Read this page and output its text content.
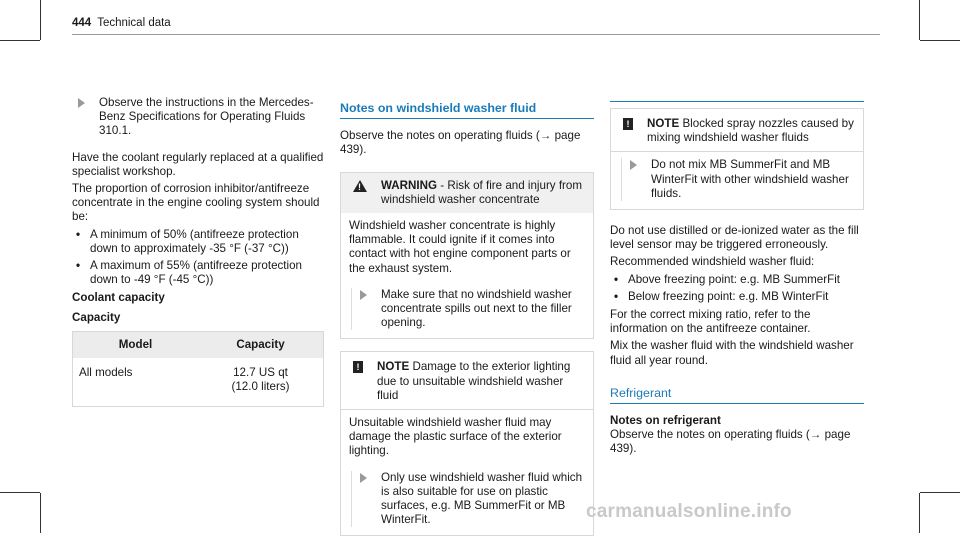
444 Technical data
Observe the instructions in the Mercedes-Benz Specifications for Operating Fluids 310.1.

Have the coolant regularly replaced at a qualified specialist workshop.

The proportion of corrosion inhibitor/antifreeze concentrate in the engine cooling system should be:

• A minimum of 50% (antifreeze protection down to approximately -35 °F (-37 °C))
• A maximum of 55% (antifreeze protection down to -49 °F (-45 °C))

Coolant capacity

Capacity

Model	Capacity
All models	12.7 US qt
(12.0 liters)
Notes on windshield washer fluid

Observe the notes on operating fluids (→ page 439).

! WARNING - Risk of fire and injury from windshield washer concentrate

Windshield washer concentrate is highly flammable. It could ignite if it comes into contact with hot engine component parts or the exhaust system.

Make sure that no windshield washer concentrate spills out next to the filler opening.
!	NOTE Damage to the exterior lighting due to unsuitable windshield washer fluid

Unsuitable windshield washer fluid may damage the plastic surface of the exterior lighting.

Only use windshield washer fluid which is also suitable for use on plastic surfaces, e.g. MB SummerFit or MB WinterFit.
!	NOTE Blocked spray nozzles caused by mixing windshield washer fluids
Do not mix MB SummerFit and MB WinterFit with other windshield washer fluids.

Do not use distilled or de-ionized water as the fill level sensor may be triggered erroneously.

Recommended windshield washer fluid:

• Above freezing point: e.g. MB SummerFit
• Below freezing point: e.g. MB WinterFit

For the correct mixing ratio, refer to the information on the antifreeze container.

Mix the washer fluid with the windshield washer fluid all year round.

Refrigerant

Notes on refrigerant

Observe the notes on operating fluids (→ page 439).

carmanualsonline.info
